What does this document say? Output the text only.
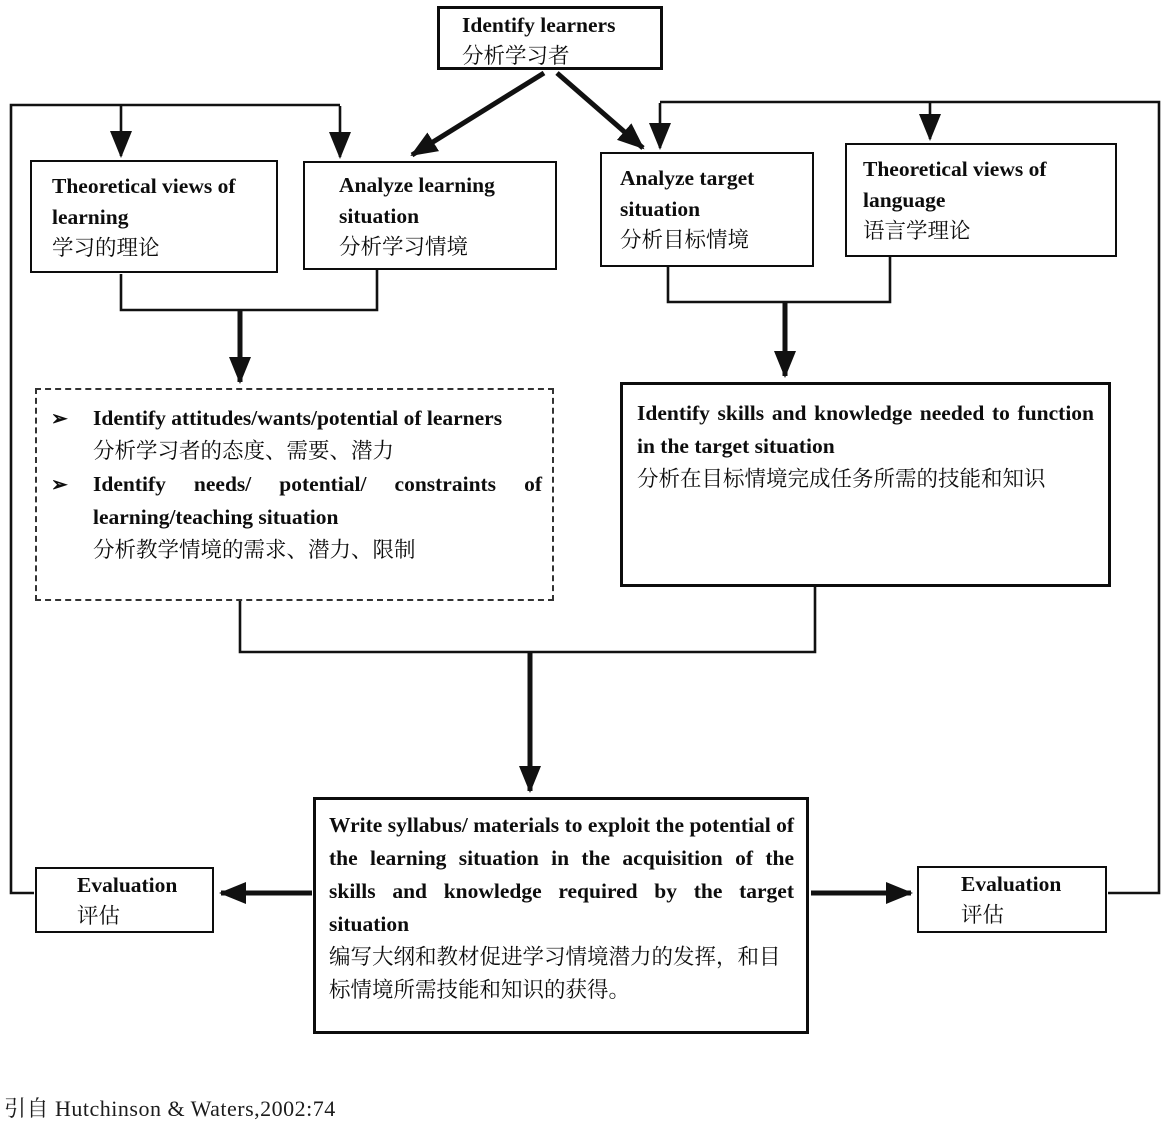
Identify learners
分析学习者
Theoretical views of learning
学习的理论
Analyze learning situation
分析学习情境
Analyze target situation
分析目标情境
Theoretical views of language
语言学理论
➢	Identify attitudes/wants/potential of learners
分析学习者的态度、需要、潜力
➢	Identify needs/ potential/ constraints of learning/teaching situation
分析教学情境的需求、潜力、限制
Identify skills and knowledge needed to function in the target situation
分析在目标情境完成任务所需的技能和知识
Write syllabus/ materials to exploit the potential of the learning situation in the acquisition of the skills and knowledge required by the target situation
编写大纲和教材促进学习情境潜力的发挥，和目标情境所需技能和知识的获得。
Evaluation
评估
Evaluation
评估
引自 Hutchinson & Waters,2002:74
